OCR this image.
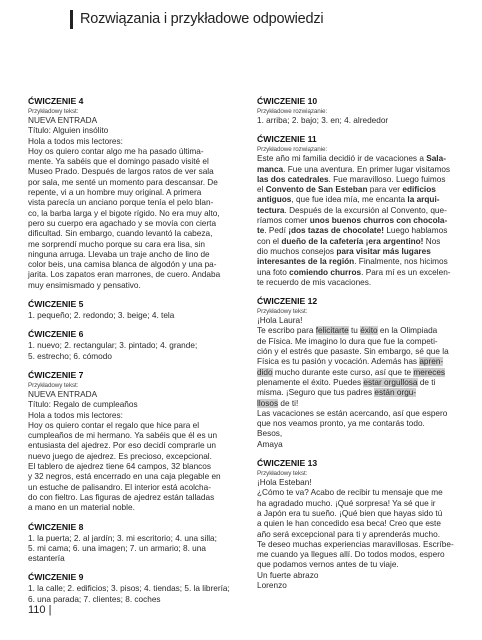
Rozwiązania i przykładowe odpowiedzi
ĆWICZENIE 4
Przykładowy tekst:
NUEVA ENTRADA
Título: Alguien insólito
Hola a todos mis lectores:
Hoy os quiero contar algo me ha pasado última-
mente. Ya sabéis que el domingo pasado visité el
Museo Prado. Después de largos ratos de ver sala
por sala, me senté un momento para descansar. De
repente, vi a un hombre muy original. A primera
vista parecía un anciano porque tenía el pelo blan-
co, la barba larga y el bigote rígido. No era muy alto,
pero su cuerpo era agachado y se movía con cierta
dificultad. Sin embargo, cuando levantó la cabeza,
me sorprendí mucho porque su cara era lisa, sin
ninguna arruga. Llevaba un traje ancho de lino de
color beis, una camisa blanca de algodón y una pa-
jarita. Los zapatos eran marrones, de cuero. Andaba
muy ensimismado y pensativo.
ĆWICZENIE 5
1. pequeño; 2. redondo; 3. beige; 4. tela
ĆWICZENIE 6
1. nuevo; 2. rectangular; 3. pintado; 4. grande;
5. estrecho; 6. cómodo
ĆWICZENIE 7
Przykładowy tekst:
NUEVA ENTRADA
Título: Regalo de cumpleaños
Hola a todos mis lectores:
Hoy os quiero contar el regalo que hice para el
cumpleaños de mi hermano. Ya sabéis que él es un
entusiasta del ajedrez. Por eso decidí comprarle un
nuevo juego de ajedrez. Es precioso, excepcional.
El tablero de ajedrez tiene 64 campos, 32 blancos
y 32 negros, está encerrado en una caja plegable en
un estuche de palisandro. El interior está acolcha-
do con fieltro. Las figuras de ajedrez están talladas
a mano en un material noble.
ĆWICZENIE 8
1. la puerta; 2. al jardín; 3. mi escritorio; 4. una silla;
5. mi cama; 6. una imagen; 7. un armario; 8. una
estantería
ĆWICZENIE 9
1. la calle; 2. edificios; 3. pisos; 4. tiendas; 5. la librería;
6. una parada; 7. clientes; 8. coches
ĆWICZENIE 10
Przykładowe rozwiązanie:
1. arriba; 2. bajo; 3. en; 4. alrededor
ĆWICZENIE 11
Przykładowe rozwiązanie:
Este año mi familia decidió ir de vacaciones a Sala-
manca. Fue una aventura. En primer lugar visitamos
las dos catedrales. Fue maravilloso. Luego fuimos
el Convento de San Esteban para ver edificios
antiguos, que fue idea mía, me encanta la arqui-
tectura. Después de la excursión al Convento, que-
ríamos comer unos buenos churros con chocola-
te. Pedí ¡dos tazas de chocolate! Luego hablamos
con el dueño de la cafetería ¡era argentino! Nos
dio muchos consejos para visitar más lugares
interesantes de la región. Finalmente, nos hicimos
una foto comiendo churros. Para mí es un excelen-
te recuerdo de mis vacaciones.
ĆWICZENIE 12
Przykładowy tekst:
¡Hola Laura!
Te escribo para felicitarte tu éxito en la Olimpiada
de Física. Me imagino lo dura que fue la competi-
ción y el estrés que pasaste. Sin embargo, sé que la
Física es tu pasión y vocación. Además has apren-
dido mucho durante este curso, así que te mereces
plenamente el éxito. Puedes estar orgullosa de ti
misma. ¡Seguro que tus padres están orgu-
llosos de ti!
Las vacaciones se están acercando, así que espero
que nos veamos pronto, ya me contarás todo.
Besos,
Amaya
ĆWICZENIE 13
Przykładowy tekst:
¡Hola Esteban!
¿Cómo te va? Acabo de recibir tu mensaje que me
ha agradado mucho. ¡Qué sorpresa! Ya sé que ir
a Japón era tu sueño. ¡Qué bien que hayas sido tú
a quien le han concedido esa beca! Creo que este
año será excepcional para ti y aprenderás mucho.
Te deseo muchas experiencias maravillosas. Escríbe-
me cuando ya llegues allí. Do todos modos, espero
que podamos vernos antes de tu viaje.
Un fuerte abrazo
Lorenzo
110 |
